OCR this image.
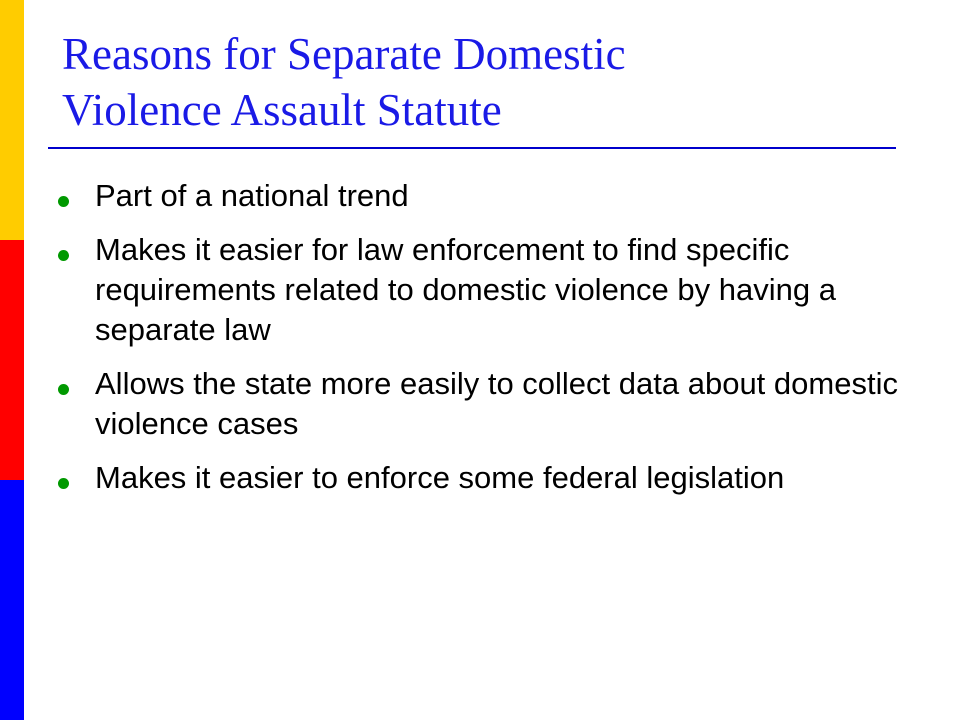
Reasons for Separate Domestic
Violence Assault Statute
Part of a national trend
Makes it easier for law enforcement to find specific requirements related to domestic violence by having a separate law
Allows the state more easily to collect data about domestic violence cases
Makes it easier to enforce some federal legislation
